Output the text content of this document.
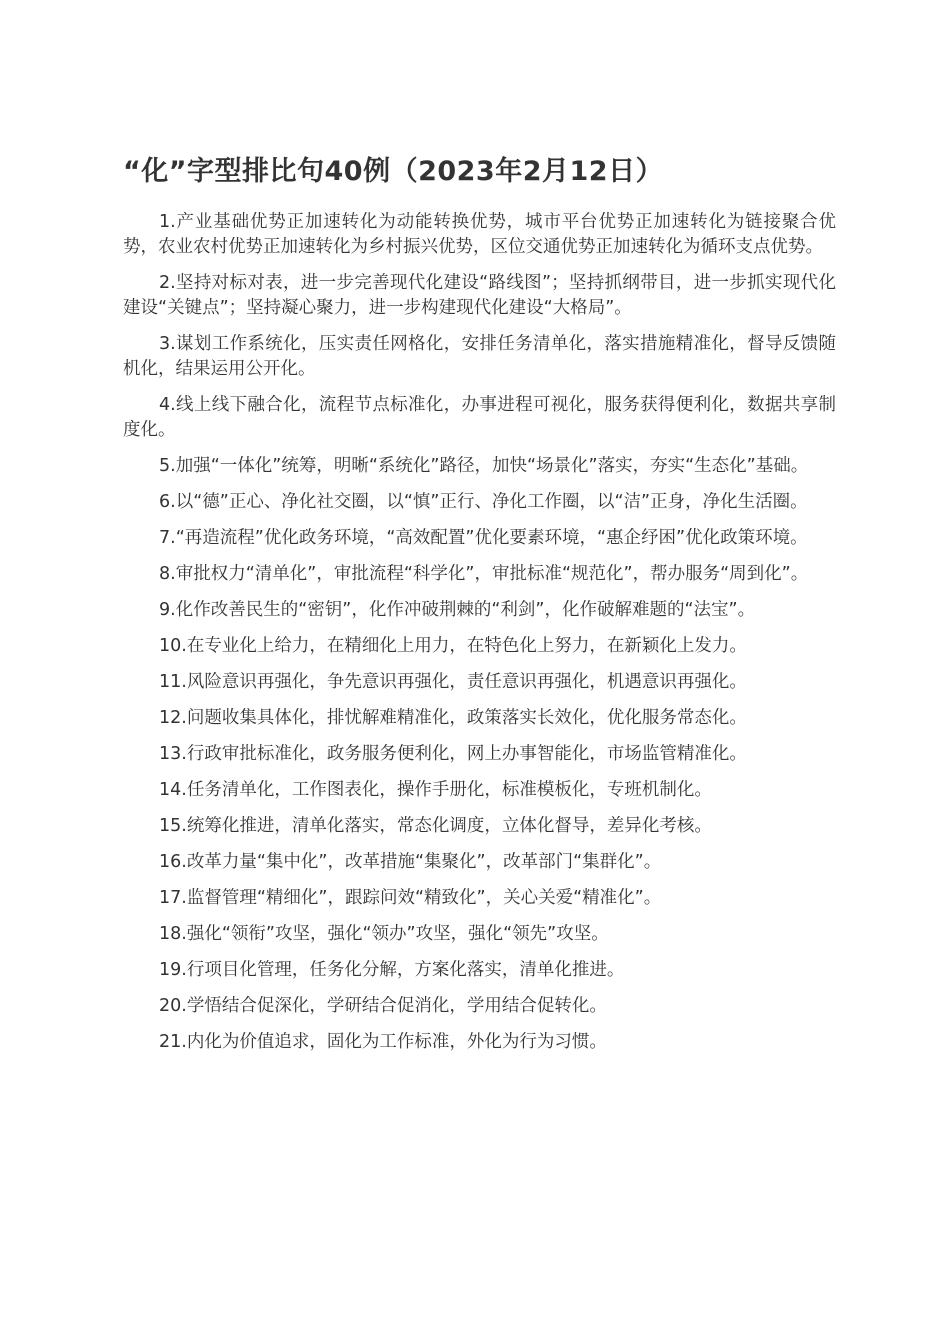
“化”字型排比句40例（2023年2月12日）

1.产业基础优势正加速转化为动能转换优势，城市平台优势正加速转化为链接聚合优势，农业农村优势正加速转化为乡村振兴优势，区位交通优势正加速转化为循环支点优势。

2.坚持对标对表，进一步完善现代化建设“路线图”；坚持抓纲带目，进一步抓实现代化建设“关键点”；坚持凝心聚力，进一步构建现代化建设“大格局”。

3.谋划工作系统化，压实责任网格化，安排任务清单化，落实措施精准化，督导反馈随机化，结果运用公开化。

4.线上线下融合化，流程节点标准化，办事进程可视化，服务获得便利化，数据共享制度化。

5.加强“一体化”统筹，明晰“系统化”路径，加快“场景化”落实，夯实“生态化”基础。

6.以“德”正心、净化社交圈，以“慎”正行、净化工作圈，以“洁”正身，净化生活圈。

7.“再造流程”优化政务环境，“高效配置”优化要素环境，“惠企纾困”优化政策环境。

8.审批权力“清单化”，审批流程“科学化”，审批标准“规范化”，帮办服务“周到化”。

9.化作改善民生的“密钥”，化作冲破荆棘的“利剑”，化作破解难题的“法宝”。

10.在专业化上给力，在精细化上用力，在特色化上努力，在新颖化上发力。

11.风险意识再强化，争先意识再强化，责任意识再强化，机遇意识再强化。

12.问题收集具体化，排忧解难精准化，政策落实长效化，优化服务常态化。

13.行政审批标准化，政务服务便利化，网上办事智能化，市场监管精准化。

14.任务清单化，工作图表化，操作手册化，标准模板化，专班机制化。

15.统筹化推进，清单化落实，常态化调度，立体化督导，差异化考核。

16.改革力量“集中化”，改革措施“集聚化”，改革部门“集群化”。

17.监督管理“精细化”，跟踪问效“精致化”，关心关爱“精准化”。

18.强化“领衔”攻坚，强化“领办”攻坚，强化“领先”攻坚。

19.行项目化管理，任务化分解，方案化落实，清单化推进。

20.学悟结合促深化，学研结合促消化，学用结合促转化。

21.内化为价值追求，固化为工作标准，外化为行为习惯。
